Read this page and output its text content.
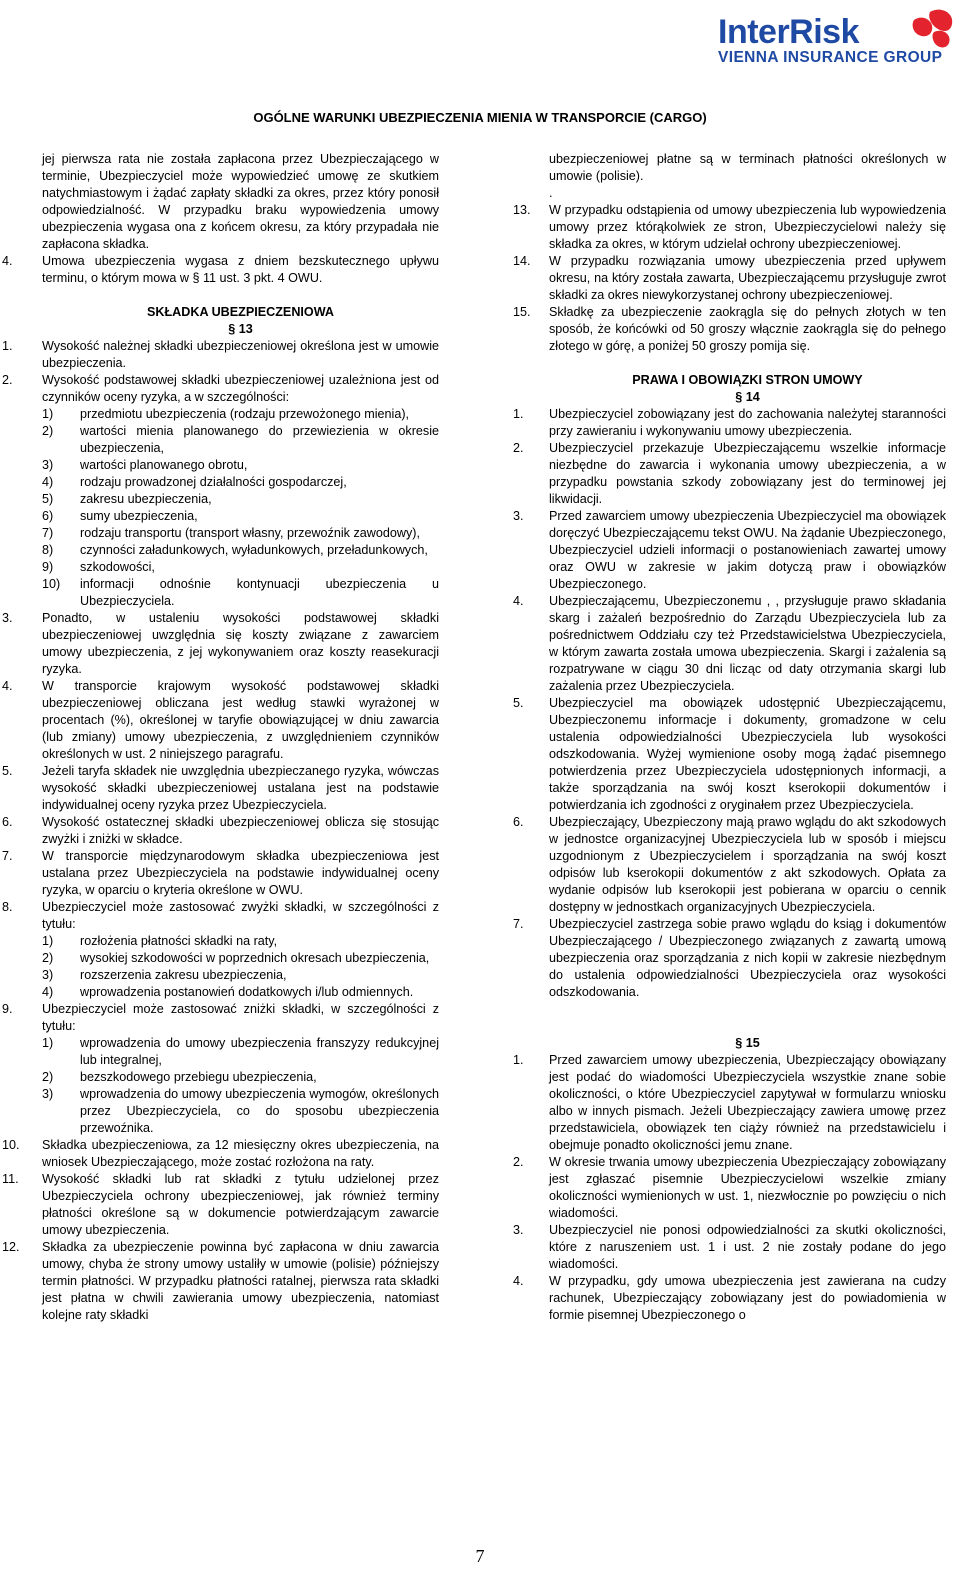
InterRisk
VIENNA INSURANCE GROUP
OGÓLNE WARUNKI UBEZPIECZENIA MIENIA W TRANSPORCIE (CARGO)

jej pierwsza rata nie została zapłacona przez Ubezpieczającego w terminie, Ubezpieczyciel może wypowiedzieć umowę ze skutkiem natychmiastowym i żądać zapłaty składki za okres, przez który ponosił odpowiedzialność. W przypadku braku wypowiedzenia umowy ubezpieczenia wygasa ona z końcem okresu, za który przypadała nie zapłacona składka.

4. Umowa ubezpieczenia wygasa z dniem bezskutecznego upływu terminu, o którym mowa w § 11 ust. 3 pkt. 4 OWU.
SKŁADKA UBEZPIECZENIOWA
§ 13
1. Wysokość należnej składki ubezpieczeniowej określona jest w umowie ubezpieczenia.
2. Wysokość podstawowej składki ubezpieczeniowej uzależniona jest od czynników oceny ryzyka, a w szczególności:
1) przedmiotu ubezpieczenia (rodzaju przewożonego mienia),
2) wartości mienia planowanego do przewiezienia w okresie ubezpieczenia,
3) wartości planowanego obrotu,
4) rodzaju prowadzonej działalności gospodarczej,
5) zakresu ubezpieczenia,
6) sumy ubezpieczenia,
7) rodzaju transportu (transport własny, przewoźnik zawodowy),
8) czynności załadunkowych, wyładunkowych, przeładunkowych,
9) szkodowości,
10) informacji odnośnie kontynuacji ubezpieczenia u Ubezpieczyciela.
3. Ponadto, w ustaleniu wysokości podstawowej składki ubezpieczeniowej uwzględnia się koszty związane z zawarciem umowy ubezpieczenia, z jej wykonywaniem oraz koszty reasekuracji ryzyka.
4. W transporcie krajowym wysokość podstawowej składki ubezpieczeniowej obliczana jest według stawki wyrażonej w procentach (%), określonej w taryfie obowiązującej w dniu zawarcia (lub zmiany) umowy ubezpieczenia, z uwzględnieniem czynników określonych w ust. 2 niniejszego paragrafu.
5. Jeżeli taryfa składek nie uwzględnia ubezpieczanego ryzyka, wówczas wysokość składki ubezpieczeniowej ustalana jest na podstawie indywidualnej oceny ryzyka przez Ubezpieczyciela.
6. Wysokość ostatecznej składki ubezpieczeniowej oblicza się stosując zwyżki i zniżki w składce.
7. W transporcie międzynarodowym składka ubezpieczeniowa jest ustalana przez Ubezpieczyciela na podstawie indywidualnej oceny ryzyka, w oparciu o kryteria określone w OWU.
8. Ubezpieczyciel może zastosować zwyżki składki, w szczególności z tytułu:
1) rozłożenia płatności składki na raty,
2) wysokiej szkodowości w poprzednich okresach ubezpieczenia,
3) rozszerzenia zakresu ubezpieczenia,
4) wprowadzenia postanowień dodatkowych i/lub odmiennych.
9. Ubezpieczyciel może zastosować zniżki składki, w szczególności z tytułu:
1) wprowadzenia do umowy ubezpieczenia franszyzy redukcyjnej lub integralnej,
2) bezszkodowego przebiegu ubezpieczenia,
3) wprowadzenia do umowy ubezpieczenia wymogów, określonych przez Ubezpieczyciela, co do sposobu ubezpieczenia przewoźnika.
10. Składka ubezpieczeniowa, za 12 miesięczny okres ubezpieczenia, na wniosek Ubezpieczającego, może zostać rozłożona na raty.
11. Wysokość składki lub rat składki z tytułu udzielonej przez Ubezpieczyciela ochrony ubezpieczeniowej, jak również terminy płatności określone są w dokumencie potwierdzającym zawarcie umowy ubezpieczenia.
12. Składka za ubezpieczenie powinna być zapłacona w dniu zawarcia umowy, chyba że strony umowy ustaliły w umowie (polisie) późniejszy termin płatności. W przypadku płatności ratalnej, pierwsza rata składki jest płatna w chwili zawierania umowy ubezpieczenia, natomiast kolejne raty składki
ubezpieczeniowej płatne są w terminach płatności określonych w umowie (polisie).
.
13. W przypadku odstąpienia od umowy ubezpieczenia lub wypowiedzenia umowy przez którąkolwiek ze stron, Ubezpieczycielowi należy się składka za okres, w którym udzielał ochrony ubezpieczeniowej.
14. W przypadku rozwiązania umowy ubezpieczenia przed upływem okresu, na który została zawarta, Ubezpieczającemu przysługuje zwrot składki za okres niewykorzystanej ochrony ubezpieczeniowej.
15. Składkę za ubezpieczenie zaokrągla się do pełnych złotych w ten sposób, że końcówki od 50 groszy włącznie zaokrągla się do pełnego złotego w górę, a poniżej 50 groszy pomija się.
PRAWA I OBOWIĄZKI STRON UMOWY
§ 14
1. Ubezpieczyciel zobowiązany jest do zachowania należytej staranności przy zawieraniu i wykonywaniu umowy ubezpieczenia.
2. Ubezpieczyciel przekazuje Ubezpieczającemu wszelkie informacje niezbędne do zawarcia i wykonania umowy ubezpieczenia, a w przypadku powstania szkody zobowiązany jest do terminowej jej likwidacji.
3. Przed zawarciem umowy ubezpieczenia Ubezpieczyciel ma obowiązek doręczyć Ubezpieczającemu tekst OWU. Na żądanie Ubezpieczonego, Ubezpieczyciel udzieli informacji o postanowieniach zawartej umowy oraz OWU w zakresie w jakim dotyczą praw i obowiązków Ubezpieczonego.
4. Ubezpieczającemu, Ubezpieczonemu , , przysługuje prawo składania skarg i zażaleń bezpośrednio do Zarządu Ubezpieczyciela lub za pośrednictwem Oddziału czy też Przedstawicielstwa Ubezpieczyciela, w którym zawarta została umowa ubezpieczenia. Skargi i zażalenia są rozpatrywane w ciągu 30 dni licząc od daty otrzymania skargi lub zażalenia przez Ubezpieczyciela.
5. Ubezpieczyciel ma obowiązek udostępnić Ubezpieczającemu, Ubezpieczonemu informacje i dokumenty, gromadzone w celu ustalenia odpowiedzialności Ubezpieczyciela lub wysokości odszkodowania. Wyżej wymienione osoby mogą żądać pisemnego potwierdzenia przez Ubezpieczyciela udostępnionych informacji, a także sporządzania na swój koszt kserokopii dokumentów i potwierdzania ich zgodności z oryginałem przez Ubezpieczyciela.
6. Ubezpieczający, Ubezpieczony mają prawo wglądu do akt szkodowych w jednostce organizacyjnej Ubezpieczyciela lub w sposób i miejscu uzgodnionym z Ubezpieczycielem i sporządzania na swój koszt odpisów lub kserokopii dokumentów z akt szkodowych. Opłata za wydanie odpisów lub kserokopii jest pobierana w oparciu o cennik dostępny w jednostkach organizacyjnych Ubezpieczyciela.
7. Ubezpieczyciel zastrzega sobie prawo wglądu do ksiąg i dokumentów Ubezpieczającego / Ubezpieczonego związanych z zawartą umową ubezpieczenia oraz sporządzania z nich kopii w zakresie niezbędnym do ustalenia odpowiedzialności Ubezpieczyciela oraz wysokości odszkodowania.
§ 15
1. Przed zawarciem umowy ubezpieczenia, Ubezpieczający obowiązany jest podać do wiadomości Ubezpieczyciela wszystkie znane sobie okoliczności, o które Ubezpieczyciel zapytywał w formularzu wniosku albo w innych pismach. Jeżeli Ubezpieczający zawiera umowę przez przedstawiciela, obowiązek ten ciąży również na przedstawicielu i obejmuje ponadto okoliczności jemu znane.
2. W okresie trwania umowy ubezpieczenia Ubezpieczający zobowiązany jest zgłaszać pisemnie Ubezpieczycielowi wszelkie zmiany okoliczności wymienionych w ust. 1, niezwłocznie po powzięciu o nich wiadomości.
3. Ubezpieczyciel nie ponosi odpowiedzialności za skutki okoliczności, które z naruszeniem ust. 1 i ust. 2 nie zostały podane do jego wiadomości.
4. W przypadku, gdy umowa ubezpieczenia jest zawierana na cudzy rachunek, Ubezpieczający zobowiązany jest do powiadomienia w formie pisemnej Ubezpieczonego o
7
